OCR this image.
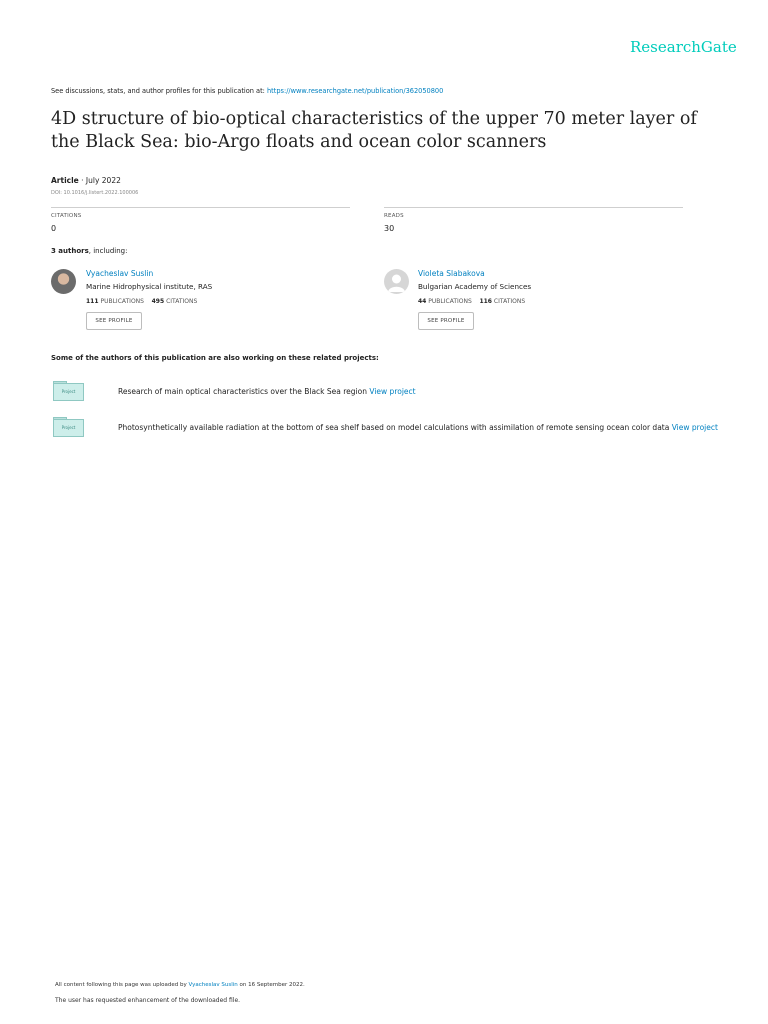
ResearchGate
See discussions, stats, and author profiles for this publication at: https://www.researchgate.net/publication/362050800
4D structure of bio-optical characteristics of the upper 70 meter layer of the Black Sea: bio-Argo floats and ocean color scanners
Article · July 2022
DOI: 10.1016/j.listert.2022.100006
CITATIONS
0
READS
30
3 authors, including:
Vyacheslav Suslin
Marine Hidrophysical institute, RAS
111 PUBLICATIONS 495 CITATIONS
SEE PROFILE
Violeta Slabakova
Bulgarian Academy of Sciences
44 PUBLICATIONS 116 CITATIONS
SEE PROFILE
Some of the authors of this publication are also working on these related projects:
Project	Research of main optical characteristics over the Black Sea region View project
Project	Photosynthetically available radiation at the bottom of sea shelf based on model calculations with assimilation of remote sensing ocean color data View project
All content following this page was uploaded by Vyacheslav Suslin on 16 September 2022.
The user has requested enhancement of the downloaded file.
